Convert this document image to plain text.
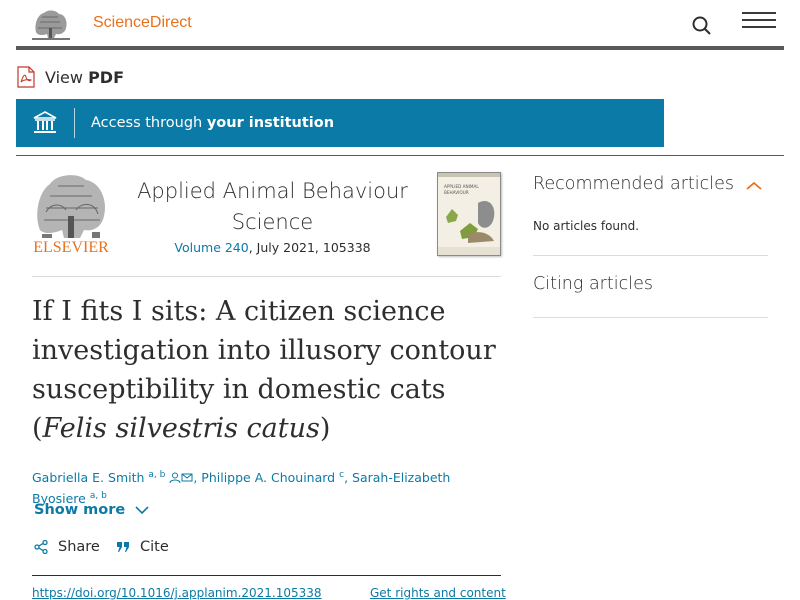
ScienceDirect
View PDF
Access through your institution
ELSEVIER
Applied Animal Behaviour Science
Volume 240, July 2021, 105338
APPLIED ANIMAL
BEHAVIOUR
If I fits I sits: A citizen science investigation into illusory contour susceptibility in domestic cats (Felis silvestris catus)
Gabriella E. Smith $^{a, b}$ , Philippe A. Chouinard $^c$, Sarah-Elizabeth Byosiere $^{a, b}$
Show more
Share	Cite
https://doi.org/10.1016/j.applanim.2021.105338	Get rights and content
Recommended articles
No articles found.
Citing articles
